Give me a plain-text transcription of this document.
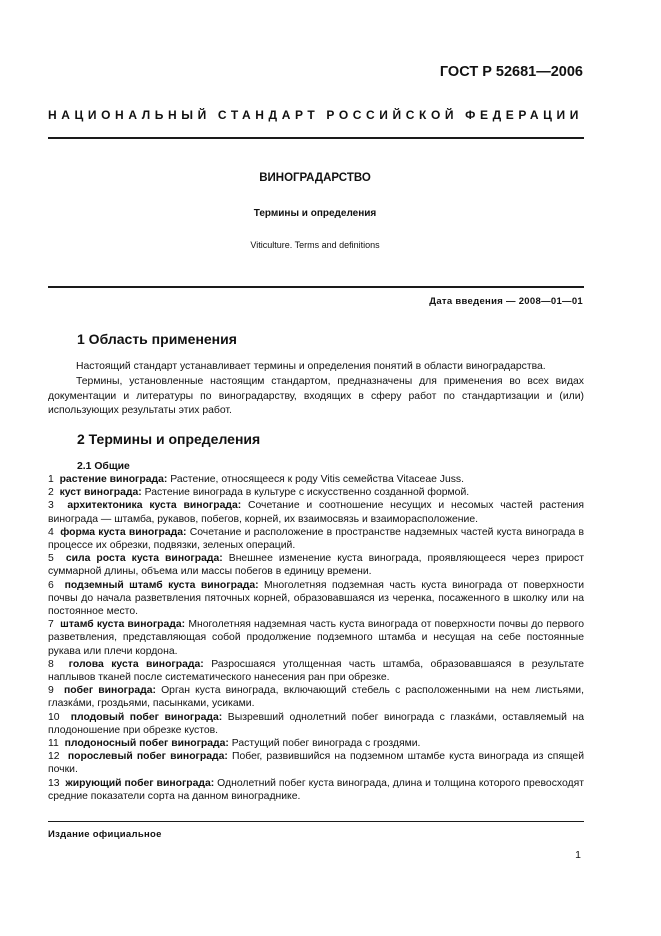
ГОСТ Р 52681—2006
НАЦИОНАЛЬНЫЙ СТАНДАРТ РОССИЙСКОЙ ФЕДЕРАЦИИ
ВИНОГРАДАРСТВО
Термины и определения
Viticulture. Terms and definitions
Дата введения — 2008—01—01
1 Область применения
Настоящий стандарт устанавливает термины и определения понятий в области виноградарства.
Термины, установленные настоящим стандартом, предназначены для применения во всех видах документации и литературы по виноградарству, входящих в сферу работ по стандартизации и (или) использующих результаты этих работ.
2 Термины и определения
2.1 Общие
1 растение винограда: Растение, относящееся к роду Vitis семейства Vitaceae Juss.
2 куст винограда: Растение винограда в культуре с искусственно созданной формой.
3 архитектоника куста винограда: Сочетание и соотношение несущих и несомых частей растения винограда — штамба, рукавов, побегов, корней, их взаимосвязь и взаиморасположение.
4 форма куста винограда: Сочетание и расположение в пространстве надземных частей куста винограда в процессе их обрезки, подвязки, зеленых операций.
5 сила роста куста винограда: Внешнее изменение куста винограда, проявляющееся через прирост суммарной длины, объема или массы побегов в единицу времени.
6 подземный штамб куста винограда: Многолетняя подземная часть куста винограда от поверхности почвы до начала разветвления пяточных корней, образовавшаяся из черенка, посаженного в школку или на постоянное место.
7 штамб куста винограда: Многолетняя надземная часть куста винограда от поверхности почвы до первого разветвления, представляющая собой продолжение подземного штамба и несущая на себе постоянные рукава или плечи кордона.
8 голова куста винограда: Разросшаяся утолщенная часть штамба, образовавшаяся в результате наплывов тканей после систематического нанесения ран при обрезке.
9 побег винограда: Орган куста винограда, включающий стебель с расположенными на нем листьями, глазка́ми, гроздьями, пасынками, усиками.
10 плодовый побег винограда: Вызревший однолетний побег винограда с глазка́ми, оставляемый на плодоношение при обрезке кустов.
11 плодоносный побег винограда: Растущий побег винограда с гроздями.
12 порослевый побег винограда: Побег, развившийся на подземном штамбе куста винограда из спящей почки.
13 жирующий побег винограда: Однолетний побег куста винограда, длина и толщина которого превосходят средние показатели сорта на данном винограднике.
Издание официальное
1
